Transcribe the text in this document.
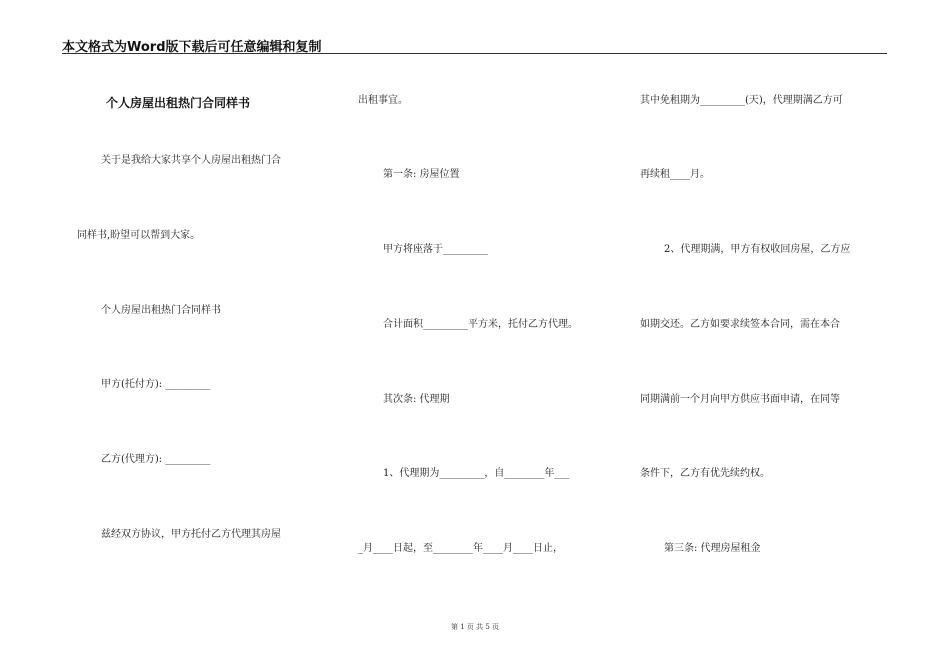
本文格式为Word版下载后可任意编辑和复制
个人房屋出租热门合同样书
关于是我给大家共享个人房屋出租热门合
同样书,盼望可以帮到大家。
个人房屋出租热门合同样书
甲方(托付方): _________
乙方(代理方): _________
兹经双方协议，甲方托付乙方代理其房屋
出租事宜。
第一条: 房屋位置
甲方将座落于_________
合计面积_________平方米，托付乙方代理。
其次条: 代理期
1、代理期为_________，自________年___
_月____日起，至________年____月____日止，
其中免租期为_________(天)，代理期满乙方可
再续租____月。
2、代理期满，甲方有权收回房屋，乙方应
如期交还。乙方如要求续签本合同，需在本合
同期满前一个月向甲方供应书面申请，在同等
条件下，乙方有优先续约权。
第三条: 代理房屋租金
第 1 页 共 5 页
